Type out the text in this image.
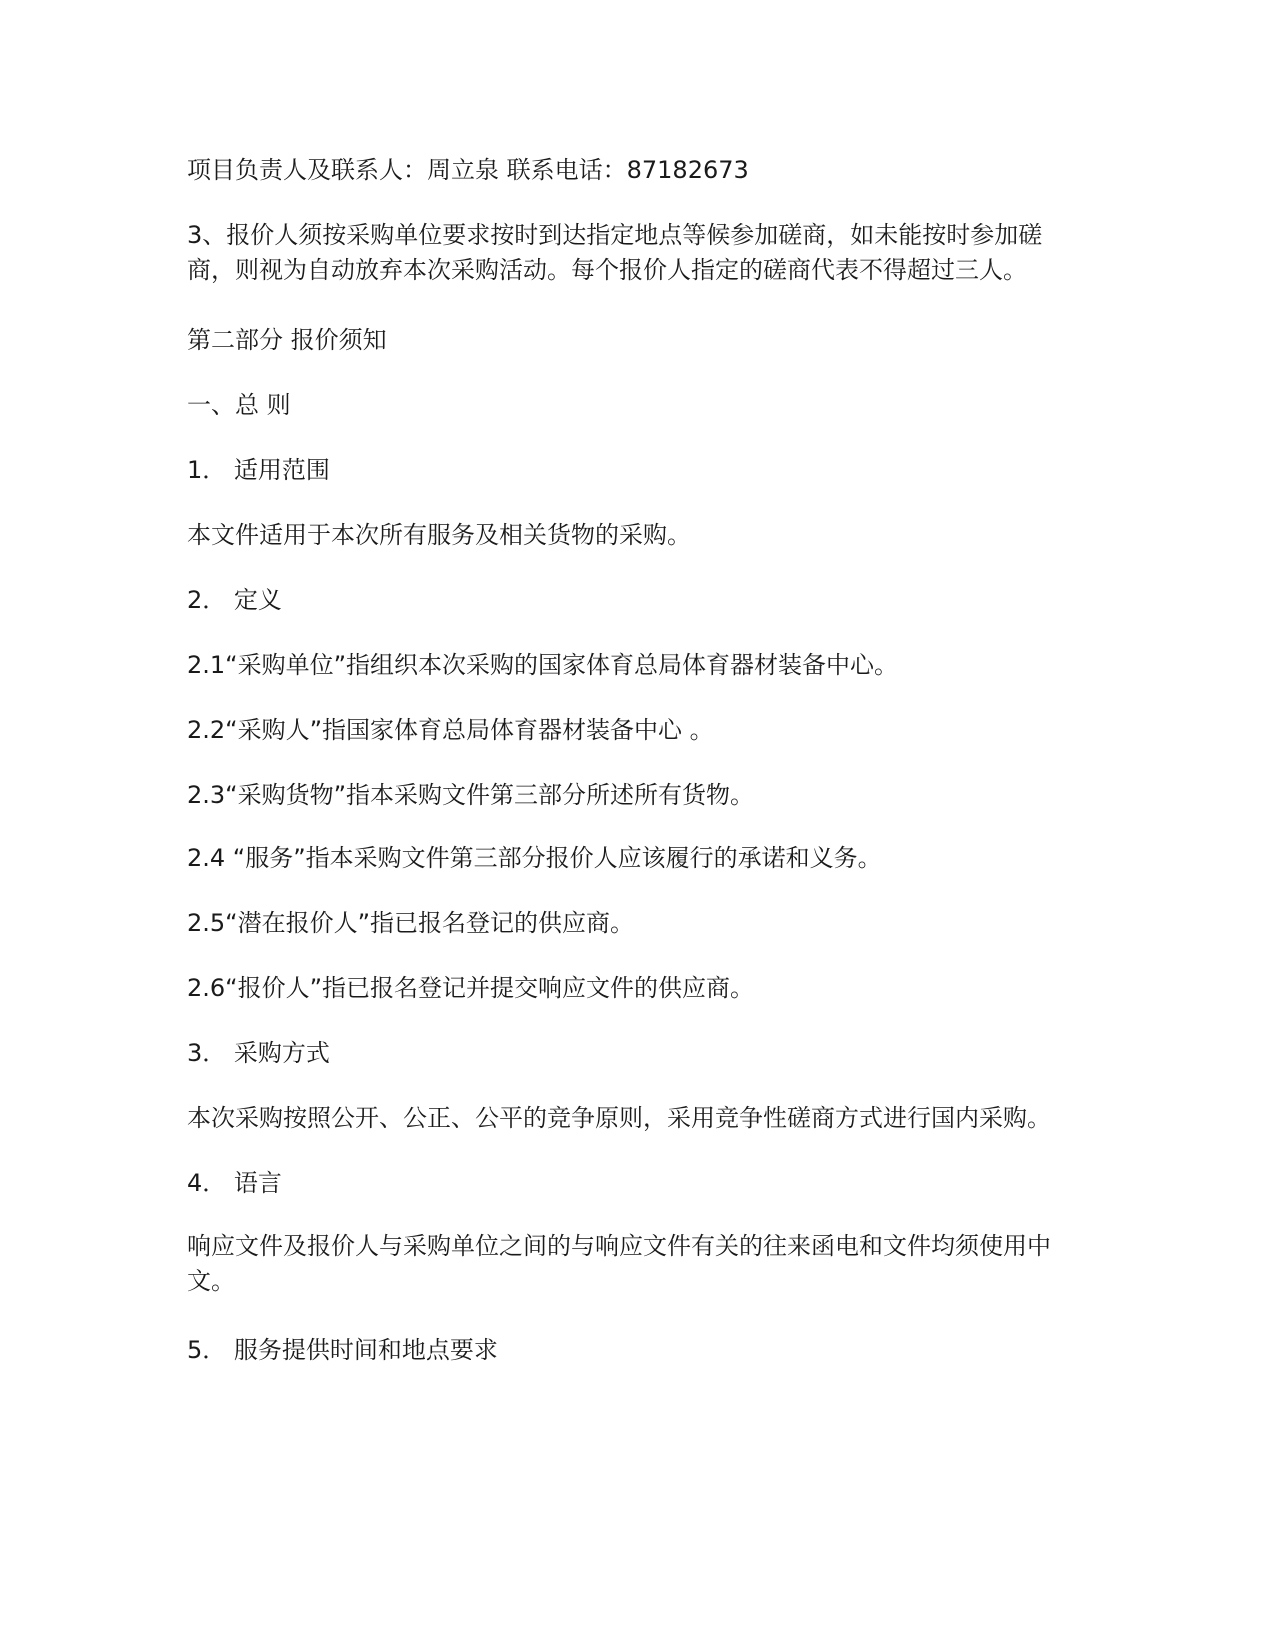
项目负责人及联系人：周立泉 联系电话：87182673
3、报价人须按采购单位要求按时到达指定地点等候参加磋商，如未能按时参加磋
商，则视为自动放弃本次采购活动。每个报价人指定的磋商代表不得超过三人。
第二部分 报价须知
一、总 则
1． 适用范围
本文件适用于本次所有服务及相关货物的采购。
2． 定义
2.1“采购单位”指组织本次采购的国家体育总局体育器材装备中心。
2.2“采购人”指国家体育总局体育器材装备中心 。
2.3“采购货物”指本采购文件第三部分所述所有货物。
2.4 “服务”指本采购文件第三部分报价人应该履行的承诺和义务。
2.5“潜在报价人”指已报名登记的供应商。
2.6“报价人”指已报名登记并提交响应文件的供应商。
3． 采购方式
本次采购按照公开、公正、公平的竞争原则，采用竞争性磋商方式进行国内采购。
4． 语言
响应文件及报价人与采购单位之间的与响应文件有关的往来函电和文件均须使用中
文。
5． 服务提供时间和地点要求
